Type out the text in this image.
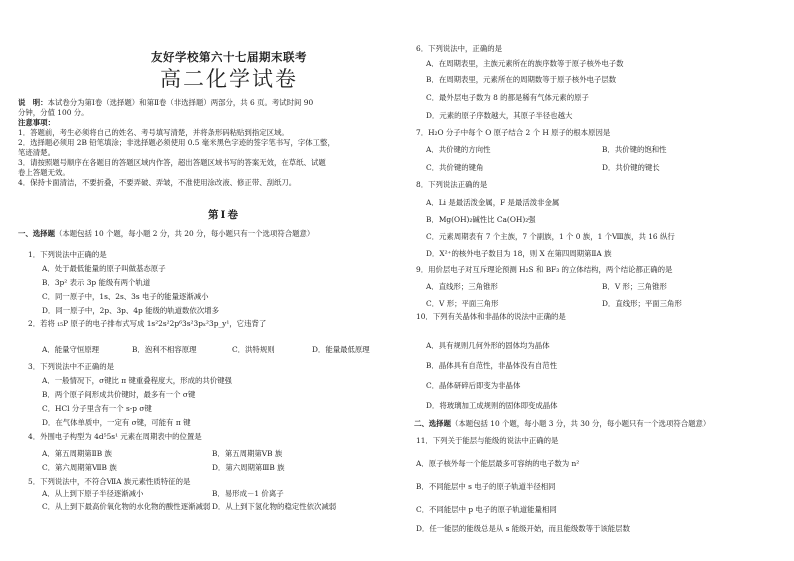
友好学校第六十七届期末联考
高二化学试卷
说　明：本试卷分为第Ⅰ卷（选择题）和第Ⅱ卷（非选择题）两部分，共 6 页。考试时间 90
分钟，分值 100 分。
注意事项：
1．答题前，考生必须将自己的姓名、考号填写清楚，并将条形码粘贴到指定区域。
2．选择题必须用 2B 铅笔填涂；非选择题必须使用 0.5 毫米黑色字迹的签字笔书写，字体工整，
笔迹清楚。
3．请按照题号顺序在各题目的答题区域内作答，超出答题区域书写的答案无效，在草纸、试题
卷上答题无效。
4．保持卡面清洁，不要折叠，不要弄破、弄皱，不准使用涂改液、修正带、刮纸刀。
第Ⅰ卷
一、选择题（本题包括 10 个题，每小题 2 分，共 20 分，每小题只有一个选项符合题意）
1．下列说法中正确的是
A．处于最低能量的原子叫做基态原子
B．3p² 表示 3p 能级有两个轨道
C．同一原子中，1s、2s、3s 电子的能量逐渐减小
D．同一原子中，2p、3p、4p 能级的轨道数依次增多
2．若将 ₁₅P 原子的电子排布式写成 1s²2s²2p⁶3s²3pₓ²3p_y¹，它违背了
A．能量守恒原理	B．泡利不相容原理	C．洪特规则	D．能量最低原理
3．下列说法中不正确的是
A．一般情况下，σ键比 π 键重叠程度大，形成的共价键强
B．两个原子间形成共价键时，最多有一个 σ键
C．HCl 分子里含有一个 s-p σ键
D．在气体单质中，一定有 σ键，可能有 π 键
4．外围电子构型为 4d⁵5s¹ 元素在周期表中的位置是
A．第五周期第ⅡB 族	B．第五周期第ⅤB 族
C．第六周期第ⅦB 族	D．第六周期第ⅢB 族
5．下列说法中，不符合ⅦA 族元素性质特征的是
A．从上到下原子半径逐渐减小	B．易形成－1 价离子
C．从上到下最高价氧化物的水化物的酸性逐渐减弱 D．从上到下氢化物的稳定性依次减弱
6．下列说法中，正确的是
A．在周期表里，主族元素所在的族序数等于原子核外电子数
B．在周期表里，元素所在的周期数等于原子核外电子层数
C．最外层电子数为 8 的都是稀有气体元素的原子
D．元素的原子序数越大，其原子半径也越大
7．H₂O 分子中每个 O 原子结合 2 个 H 原子的根本原因是
A．共价键的方向性	B．共价键的饱和性
C．共价键的键角	D．共价键的键长
8．下列说法正确的是
A．Li 是最活泼金属，F 是最活泼非金属
B．Mg(OH)₂碱性比 Ca(OH)₂强
C．元素周期表有 7 个主族，7 个副族，1 个 0 族，1 个Ⅷ族，共 16 纵行
D．X²⁺的核外电子数目为 18，则 X 在第四周期第ⅡA 族
9．用价层电子对互斥理论预测 H₂S 和 BF₃ 的立体结构，两个结论都正确的是
A．直线形；三角锥形	B．V 形；三角锥形
C．V 形；平面三角形	D．直线形；平面三角形
10．下列有关晶体和非晶体的说法中正确的是
A．具有规则几何外形的固体均为晶体
B．晶体具有自范性，非晶体没有自范性
C．晶体研碎后即变为非晶体
D．将玻璃加工成规则的固体即变成晶体
二、选择题（本题包括 10 个题，每小题 3 分，共 30 分，每小题只有一个选项符合题意）
11．下列关于能层与能级的说法中正确的是
A．原子核外每一个能层最多可容纳的电子数为 n²
B．不同能层中 s 电子的原子轨道半径相同
C．不同能层中 p 电子的原子轨道能量相同
D．任一能层的能级总是从 s 能级开始，而且能级数等于该能层数
